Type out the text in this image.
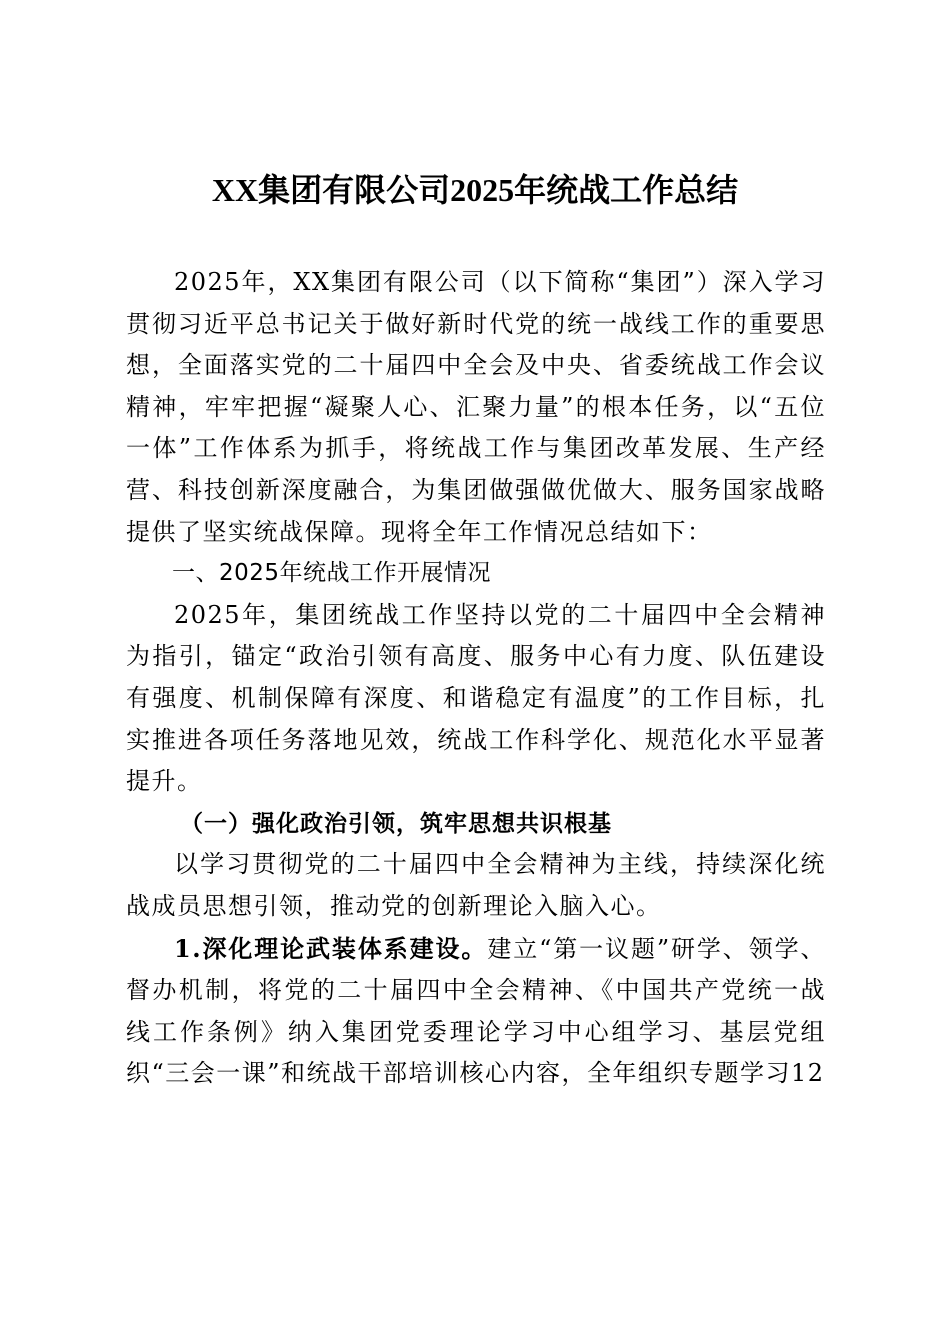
XX集团有限公司2025年统战工作总结

2025年，XX集团有限公司（以下简称“集团”）深入学习贯彻习近平总书记关于做好新时代党的统一战线工作的重要思想，全面落实党的二十届四中全会及中央、省委统战工作会议精神，牢牢把握“凝聚人心、汇聚力量”的根本任务，以“五位一体”工作体系为抓手，将统战工作与集团改革发展、生产经营、科技创新深度融合，为集团做强做优做大、服务国家战略提供了坚实统战保障。现将全年工作情况总结如下：

一、2025年统战工作开展情况

2025年，集团统战工作坚持以党的二十届四中全会精神为指引，锚定“政治引领有高度、服务中心有力度、队伍建设有强度、机制保障有深度、和谐稳定有温度”的工作目标，扎实推进各项任务落地见效，统战工作科学化、规范化水平显著提升。

（一）强化政治引领，筑牢思想共识根基

以学习贯彻党的二十届四中全会精神为主线，持续深化统战成员思想引领，推动党的创新理论入脑入心。

1.深化理论武装体系建设。建立“第一议题”研学、领学、督办机制，将党的二十届四中全会精神、《中国共产党统一战线工作条例》纳入集团党委理论学习中心组学习、基层党组织“三会一课”和统战干部培训核心内容，全年组织专题学习12
